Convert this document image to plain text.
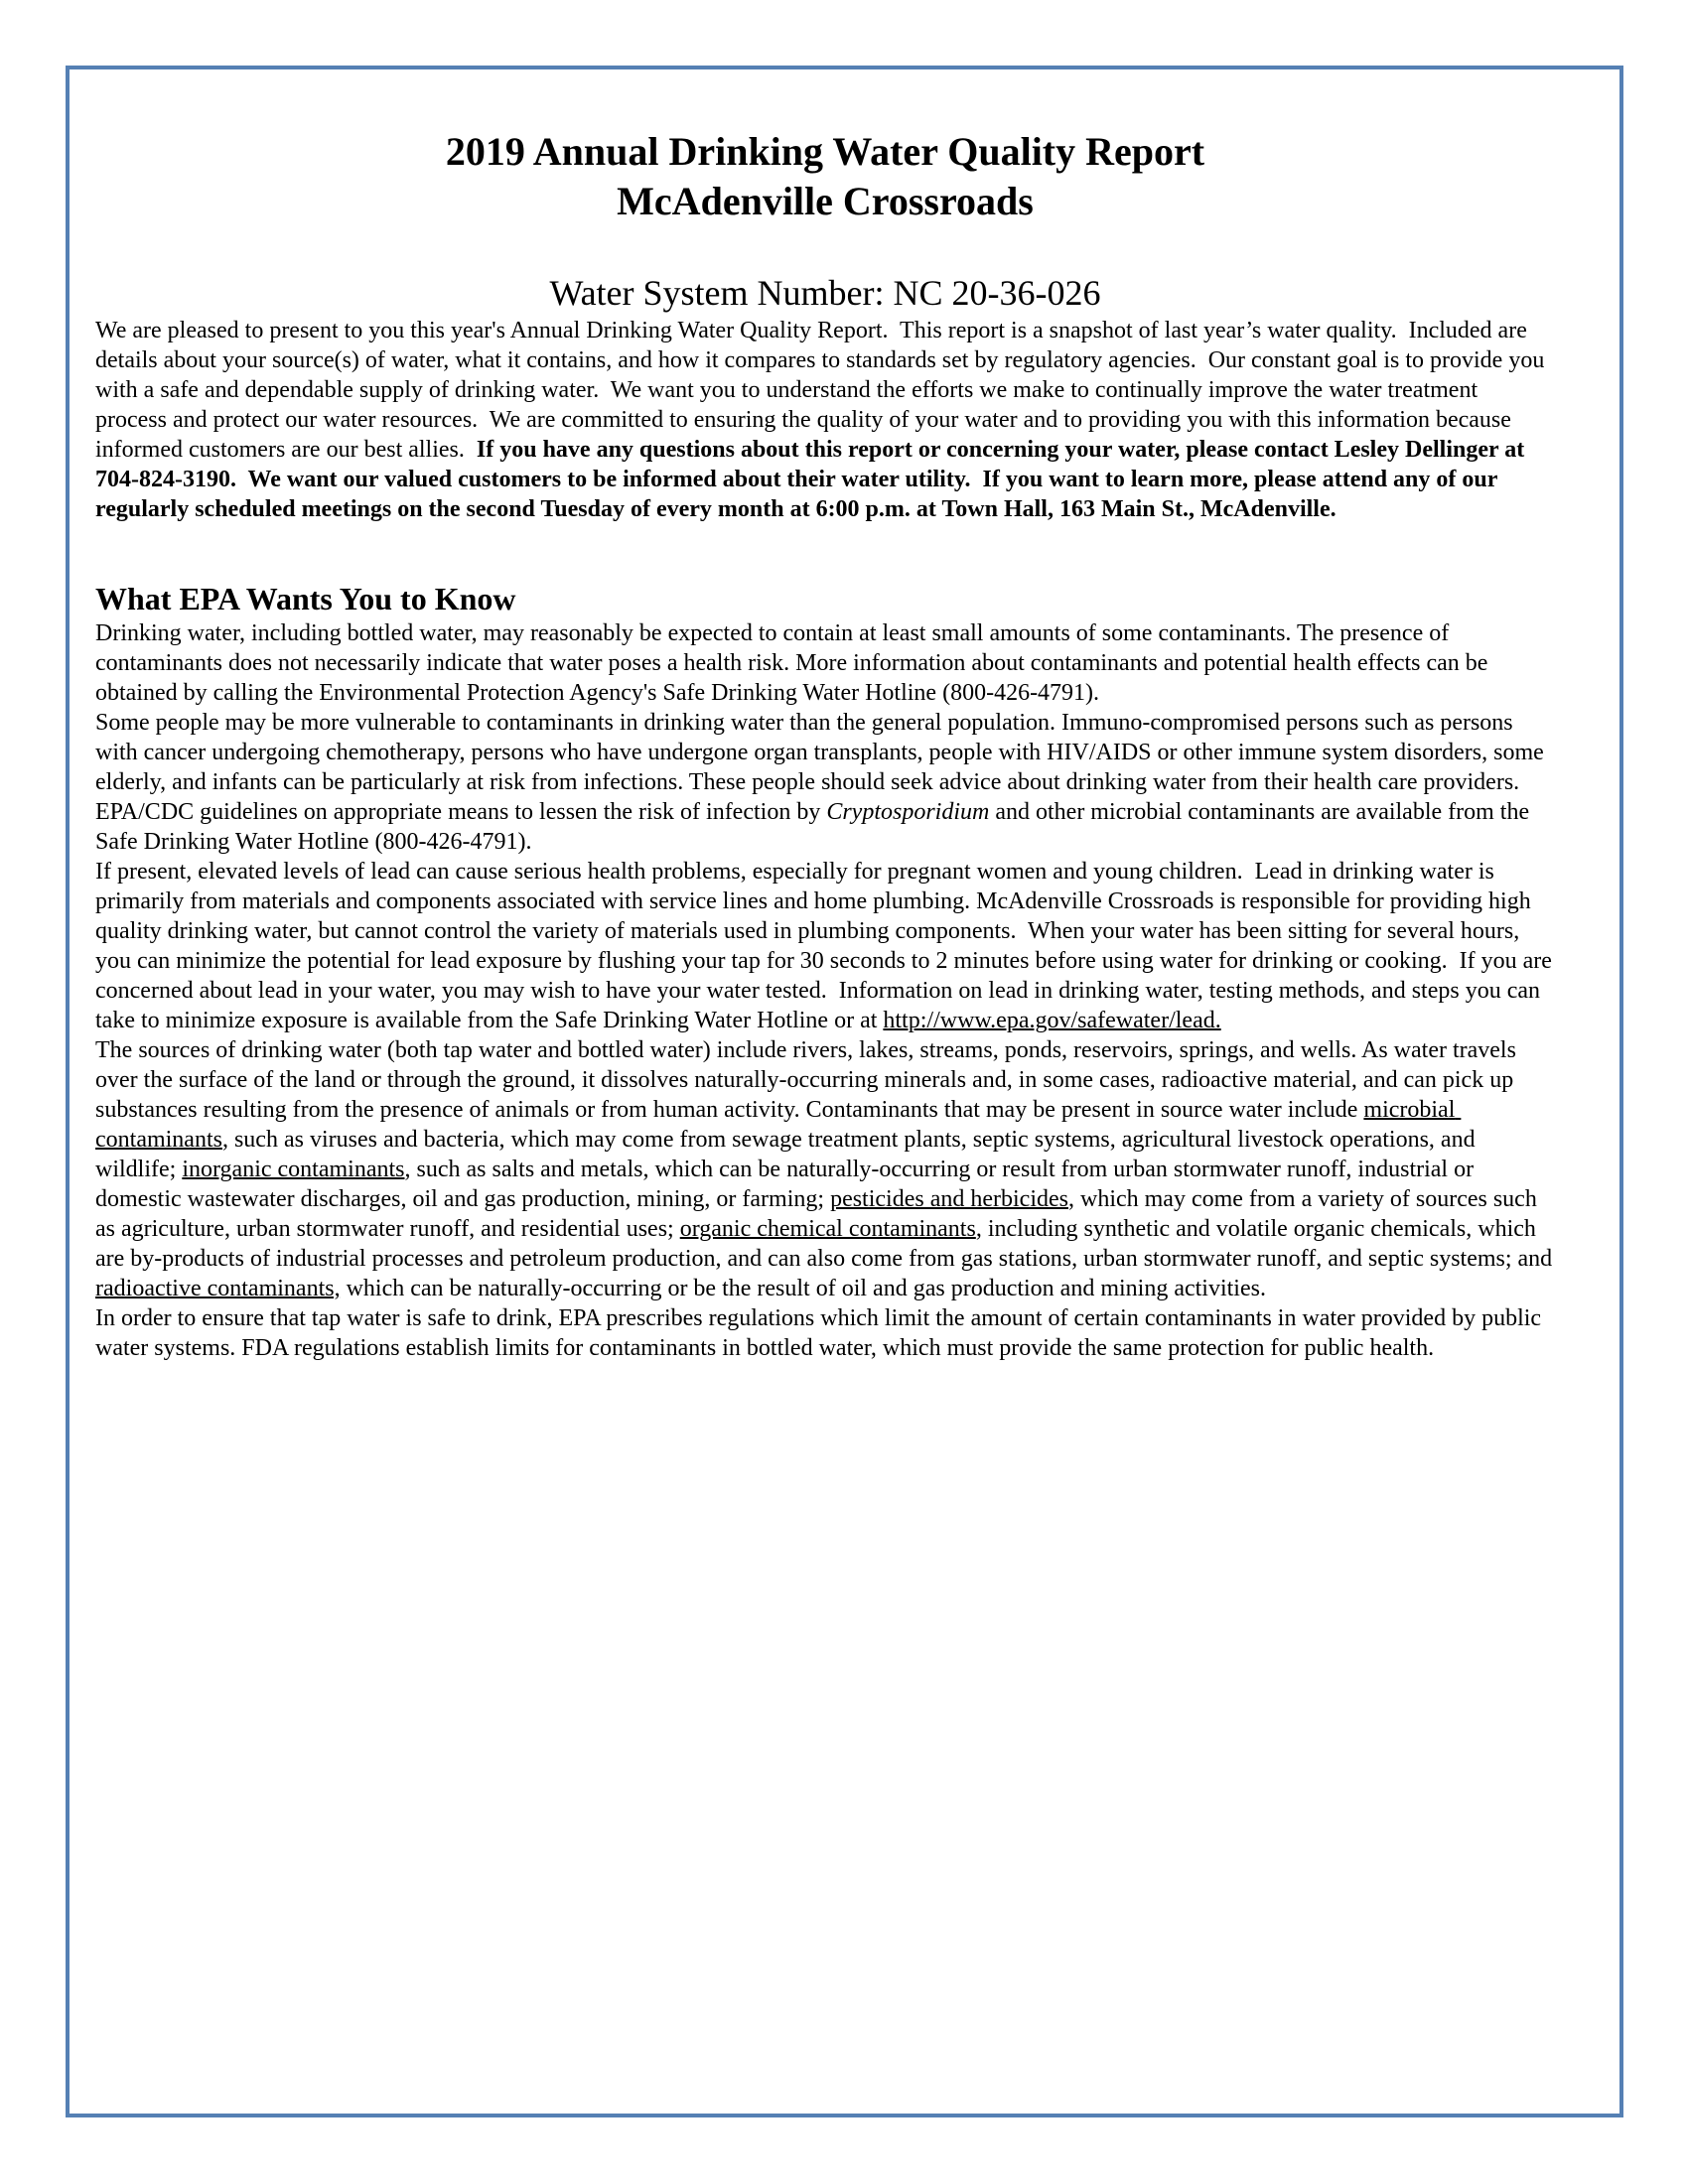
2019 Annual Drinking Water Quality Report
McAdenville Crossroads
Water System Number: NC 20-36-026

We are pleased to present to you this year's Annual Drinking Water Quality Report.  This report is a snapshot of last year’s water quality.  Included are details about your source(s) of water, what it contains, and how it compares to standards set by regulatory agencies.  Our constant goal is to provide you with a safe and dependable supply of drinking water.  We want you to understand the efforts we make to continually improve the water treatment process and protect our water resources.  We are committed to ensuring the quality of your water and to providing you with this information because informed customers are our best allies.  If you have any questions about this report or concerning your water, please contact Lesley Dellinger at 704-824-3190.  We want our valued customers to be informed about their water utility.  If you want to learn more, please attend any of our regularly scheduled meetings on the second Tuesday of every month at 6:00 p.m. at Town Hall, 163 Main St., McAdenville.

What EPA Wants You to Know

Drinking water, including bottled water, may reasonably be expected to contain at least small amounts of some contaminants. The presence of contaminants does not necessarily indicate that water poses a health risk. More information about contaminants and potential health effects can be obtained by calling the Environmental Protection Agency's Safe Drinking Water Hotline (800-426-4791).

Some people may be more vulnerable to contaminants in drinking water than the general population. Immuno-compromised persons such as persons with cancer undergoing chemotherapy, persons who have undergone organ transplants, people with HIV/AIDS or other immune system disorders, some elderly, and infants can be particularly at risk from infections. These people should seek advice about drinking water from their health care providers. EPA/CDC guidelines on appropriate means to lessen the risk of infection by Cryptosporidium and other microbial contaminants are available from the Safe Drinking Water Hotline (800-426-4791).

If present, elevated levels of lead can cause serious health problems, especially for pregnant women and young children.  Lead in drinking water is primarily from materials and components associated with service lines and home plumbing. McAdenville Crossroads is responsible for providing high quality drinking water, but cannot control the variety of materials used in plumbing components.  When your water has been sitting for several hours, you can minimize the potential for lead exposure by flushing your tap for 30 seconds to 2 minutes before using water for drinking or cooking.  If you are concerned about lead in your water, you may wish to have your water tested.  Information on lead in drinking water, testing methods, and steps you can take to minimize exposure is available from the Safe Drinking Water Hotline or at http://www.epa.gov/safewater/lead.

The sources of drinking water (both tap water and bottled water) include rivers, lakes, streams, ponds, reservoirs, springs, and wells. As water travels over the surface of the land or through the ground, it dissolves naturally-occurring minerals and, in some cases, radioactive material, and can pick up substances resulting from the presence of animals or from human activity. Contaminants that may be present in source water include microbial contaminants, such as viruses and bacteria, which may come from sewage treatment plants, septic systems, agricultural livestock operations, and wildlife; inorganic contaminants, such as salts and metals, which can be naturally-occurring or result from urban stormwater runoff, industrial or domestic wastewater discharges, oil and gas production, mining, or farming; pesticides and herbicides, which may come from a variety of sources such as agriculture, urban stormwater runoff, and residential uses; organic chemical contaminants, including synthetic and volatile organic chemicals, which are by-products of industrial processes and petroleum production, and can also come from gas stations, urban stormwater runoff, and septic systems; and radioactive contaminants, which can be naturally-occurring or be the result of oil and gas production and mining activities.

In order to ensure that tap water is safe to drink, EPA prescribes regulations which limit the amount of certain contaminants in water provided by public water systems. FDA regulations establish limits for contaminants in bottled water, which must provide the same protection for public health.
